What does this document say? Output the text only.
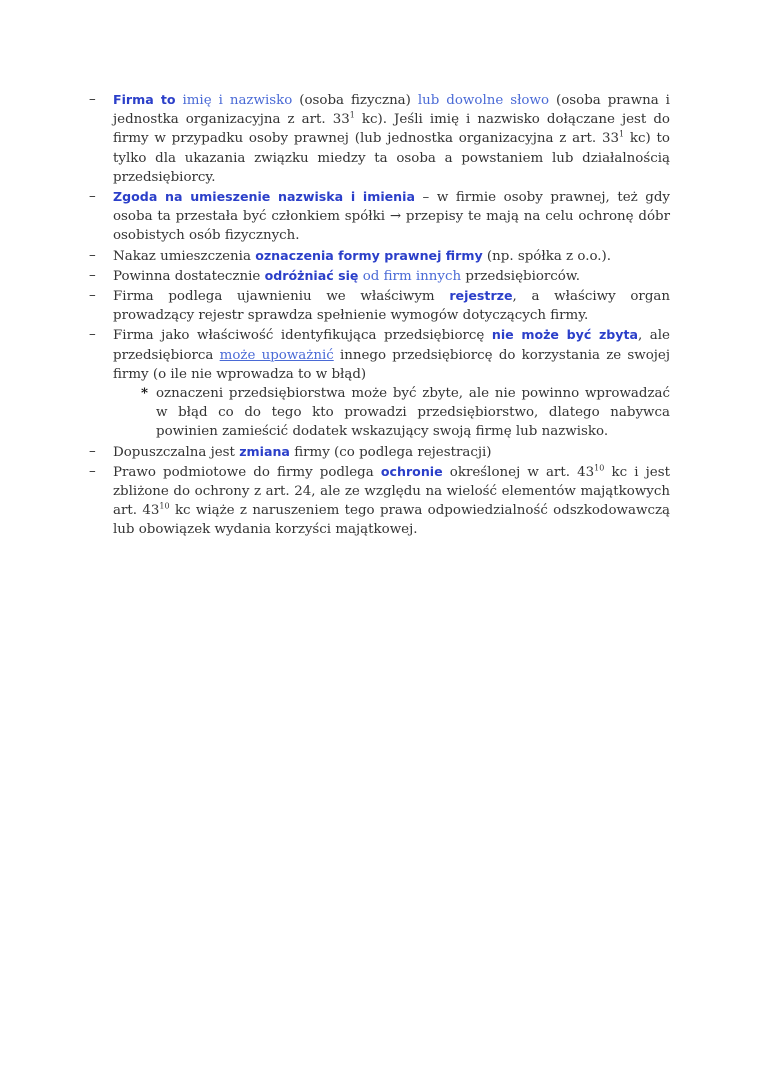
–	Firma to imię i nazwisko (osoba fizyczna) lub dowolne słowo (osoba prawna i jednostka organizacyjna z art. $33^1$ kc). Jeśli imię i nazwisko dołączane jest do firmy w przypadku osoby prawnej (lub jednostka organizacyjna z art. $33^1$ kc) to tylko dla ukazania związku miedzy ta osoba a powstaniem lub działalnością przedsiębiorcy.
–	Zgoda na umieszenie nazwiska i imienia – w firmie osoby prawnej, też gdy osoba ta przestała być członkiem spółki → przepisy te mają na celu ochronę dóbr osobistych osób fizycznych.
–	Nakaz umieszczenia oznaczenia formy prawnej firmy (np. spółka z o.o.).
–	Powinna dostatecznie odróżniać się od firm innych przedsiębiorców.
–	Firma podlega ujawnieniu we właściwym rejestrze, a właściwy organ prowadzący rejestr sprawdza spełnienie wymogów dotyczących firmy.
–	Firma jako właściwość identyfikująca przedsiębiorcę nie może być zbyta, ale przedsiębiorca może upoważnić innego przedsiębiorcę do korzystania ze swojej firmy (o ile nie wprowadza to w błąd)
* oznaczeni przedsiębiorstwa może być zbyte, ale nie powinno wprowadzać w błąd co do tego kto prowadzi przedsiębiorstwo, dlatego nabywca powinien zamieścić dodatek wskazujący swoją firmę lub nazwisko.
–	Dopuszczalna jest zmiana firmy (co podlega rejestracji)
–	Prawo podmiotowe do firmy podlega ochronie określonej w art. $43^{10}$ kc i jest zbliżone do ochrony z art. 24, ale ze względu na wielość elementów majątkowych art. $43^{10}$ kc wiąże z naruszeniem tego prawa odpowiedzialność odszkodowawczą lub obowiązek wydania korzyści majątkowej.
